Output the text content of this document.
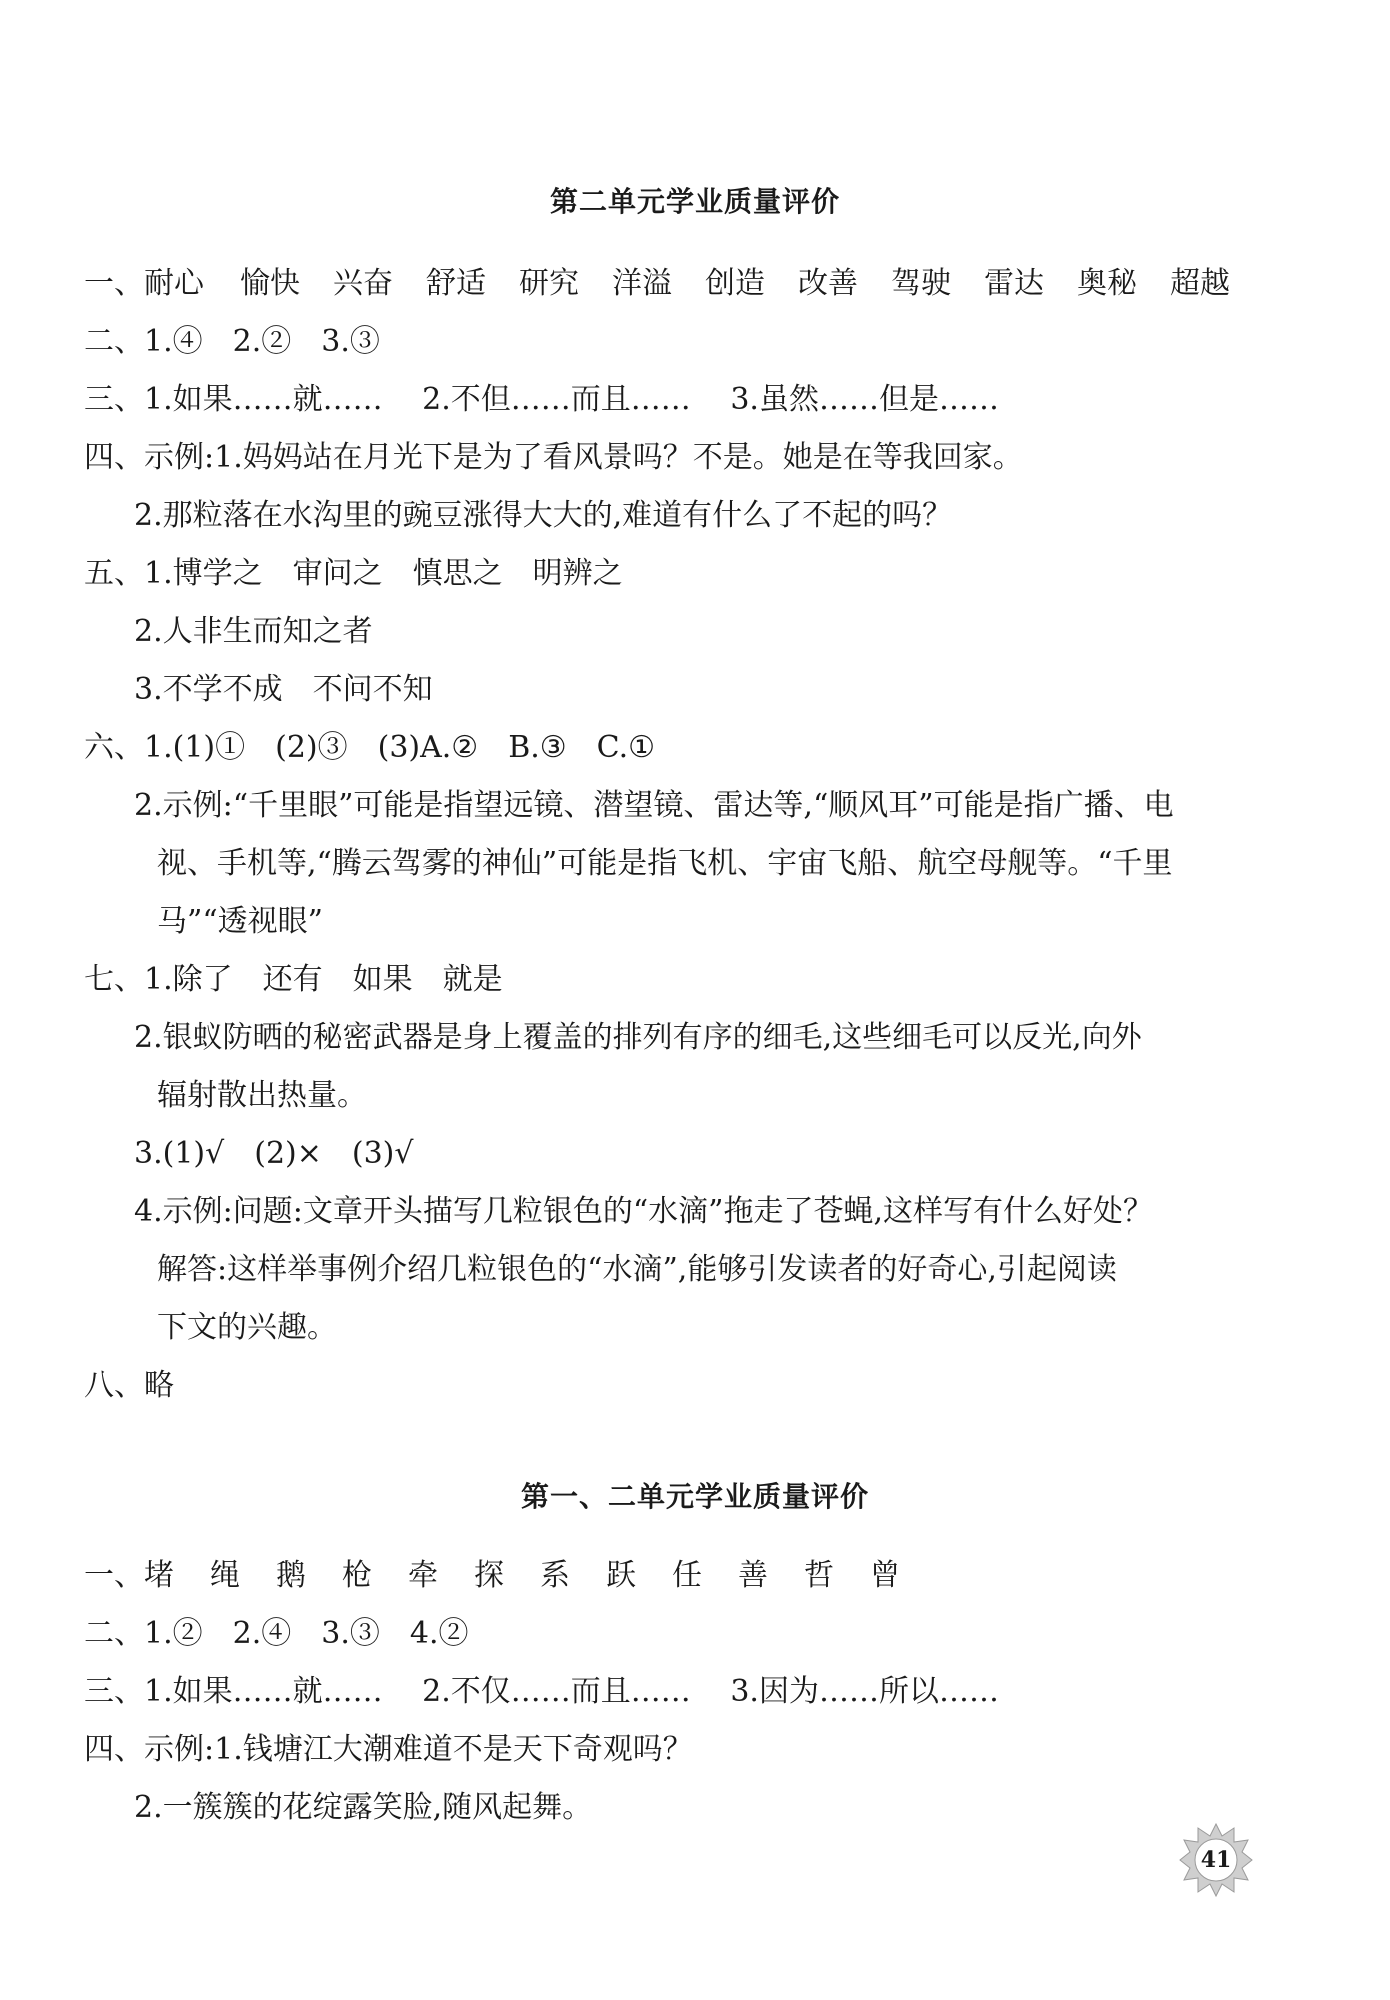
第二单元学业质量评价
一、耐心 愉快 兴奋 舒适 研究 洋溢 创造 改善 驾驶 雷达 奥秘 超越
二、1.④　2.②　3.③
三、1.如果……就……　 2.不但……而且……　 3.虽然……但是……
四、示例:1.妈妈站在月光下是为了看风景吗？不是。她是在等我回家。
2.那粒落在水沟里的豌豆涨得大大的,难道有什么了不起的吗？
五、1.博学之　审问之　慎思之　明辨之
2.人非生而知之者
3.不学不成　不问不知
六、1.(1)①　(2)③　(3)A.②　B.③　C.①
2.示例:“千里眼”可能是指望远镜、潜望镜、雷达等,“顺风耳”可能是指广播、电
视、手机等,“腾云驾雾的神仙”可能是指飞机、宇宙飞船、航空母舰等。“千里
马”“透视眼”
七、1.除了　还有　如果　就是
2.银蚁防晒的秘密武器是身上覆盖的排列有序的细毛,这些细毛可以反光,向外
辐射散出热量。
3.(1)√　(2)×　(3)√
4.示例:问题:文章开头描写几粒银色的“水滴”拖走了苍蝇,这样写有什么好处？
解答:这样举事例介绍几粒银色的“水滴”,能够引发读者的好奇心,引起阅读
下文的兴趣。
八、略
第一、二单元学业质量评价
一、堵 绳 鹅 枪 牵 探 系 跃 任 善 哲 曾
二、1.②　2.④　3.③　4.②
三、1.如果……就……　 2.不仅……而且……　 3.因为……所以……
四、示例:1.钱塘江大潮难道不是天下奇观吗？
2.一簇簇的花绽露笑脸,随风起舞。
41
